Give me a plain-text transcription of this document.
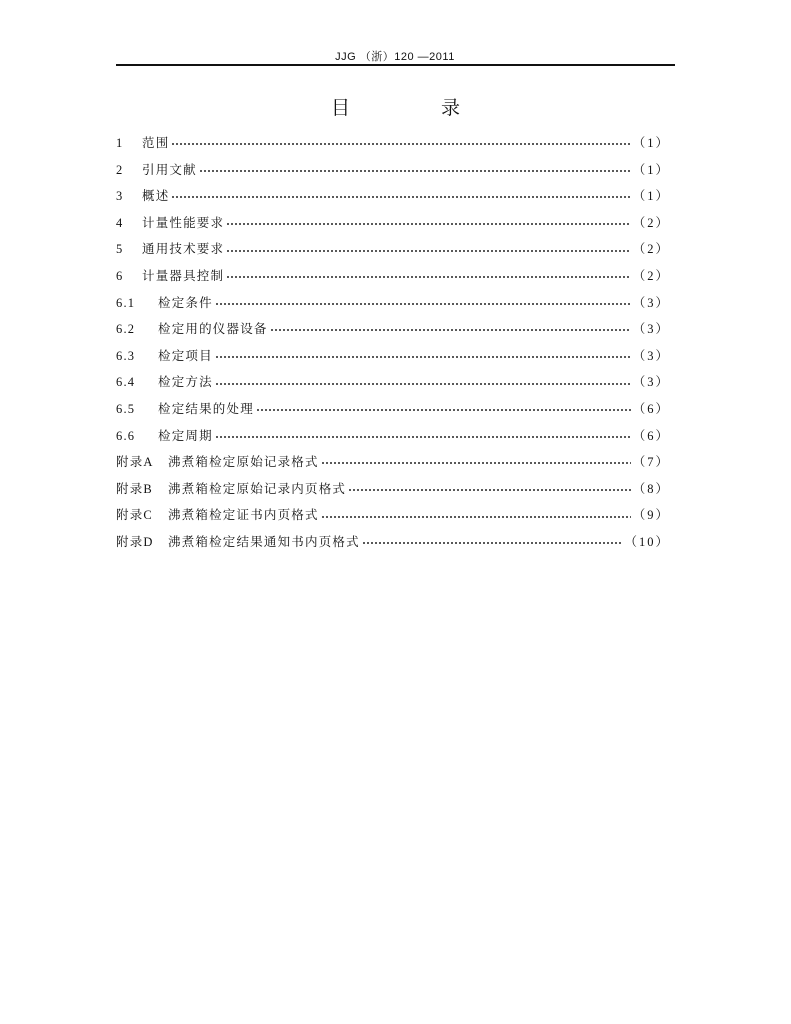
JJG （浙）120 —2011
目　录
1	范围	（1）
2	引用文献	（1）
3	概述	（1）
4	计量性能要求	（2）
5	通用技术要求	（2）
6	计量器具控制	（2）
6.1	检定条件	（3）
6.2	检定用的仪器设备	（3）
6.3	检定项目	（3）
6.4	检定方法	（3）
6.5	检定结果的处理	（6）
6.6	检定周期	（6）
附录A	沸煮箱检定原始记录格式	（7）
附录B	沸煮箱检定原始记录内页格式	（8）
附录C	沸煮箱检定证书内页格式	（9）
附录D	沸煮箱检定结果通知书内页格式	（10）
